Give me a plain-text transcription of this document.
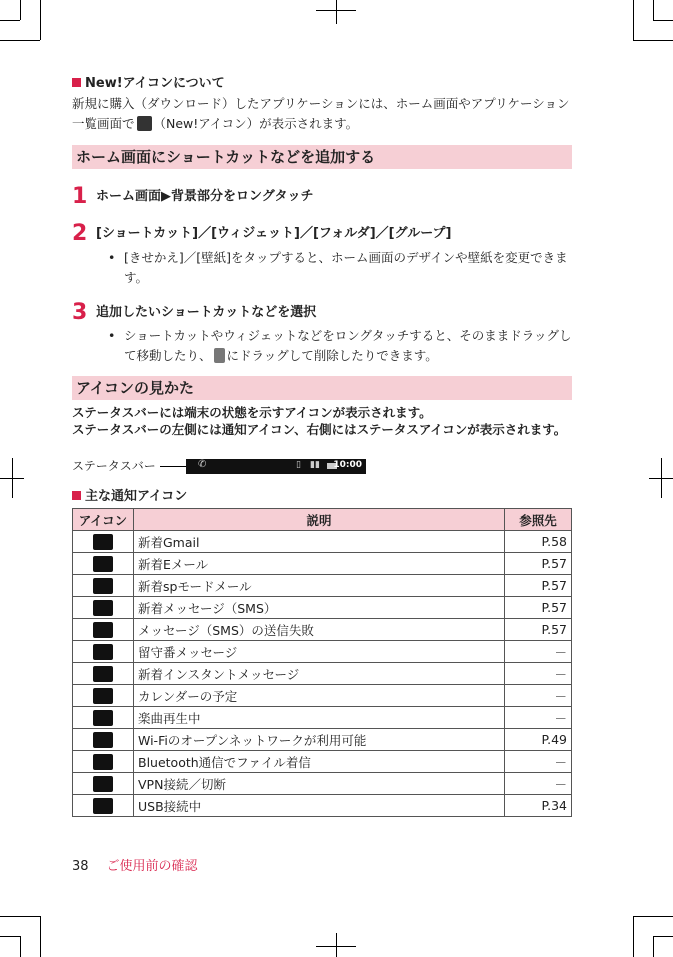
New!アイコンについて
新規に購入（ダウンロード）したアプリケーションには、ホーム画面やアプリケーション一覧画面で （New!アイコン）が表示されます。
ホーム画面にショートカットなどを追加する
1 ホーム画面▶背景部分をロングタッチ
2 [ショートカット]／[ウィジェット]／[フォルダ]／[グループ]
• [きせかえ]／[壁紙]をタップすると、ホーム画面のデザインや壁紙を変更できます。
3 追加したいショートカットなどを選択
• ショートカットやウィジェットなどをロングタッチすると、そのままドラッグして移動したり、 にドラッグして削除したりできます。
アイコンの見かた
ステータスバーには端末の状態を示すアイコンが表示されます。
ステータスバーの左側には通知アイコン、右側にはステータスアイコンが表示されます。
ステータスバー	✆	▯ ▮▮ 10:00
主な通知アイコン
アイコン	説明	参照先
	新着Gmail	P.58
	新着Eメール	P.57
	新着spモードメール	P.57
	新着メッセージ（SMS）	P.57
	メッセージ（SMS）の送信失敗	P.57
	留守番メッセージ	－
	新着インスタントメッセージ	－
	カレンダーの予定	－
	楽曲再生中	－
	Wi-Fiのオープンネットワークが利用可能	P.49
	Bluetooth通信でファイル着信	－
	VPN接続／切断	－
	USB接続中	P.34
38 ご使用前の確認
